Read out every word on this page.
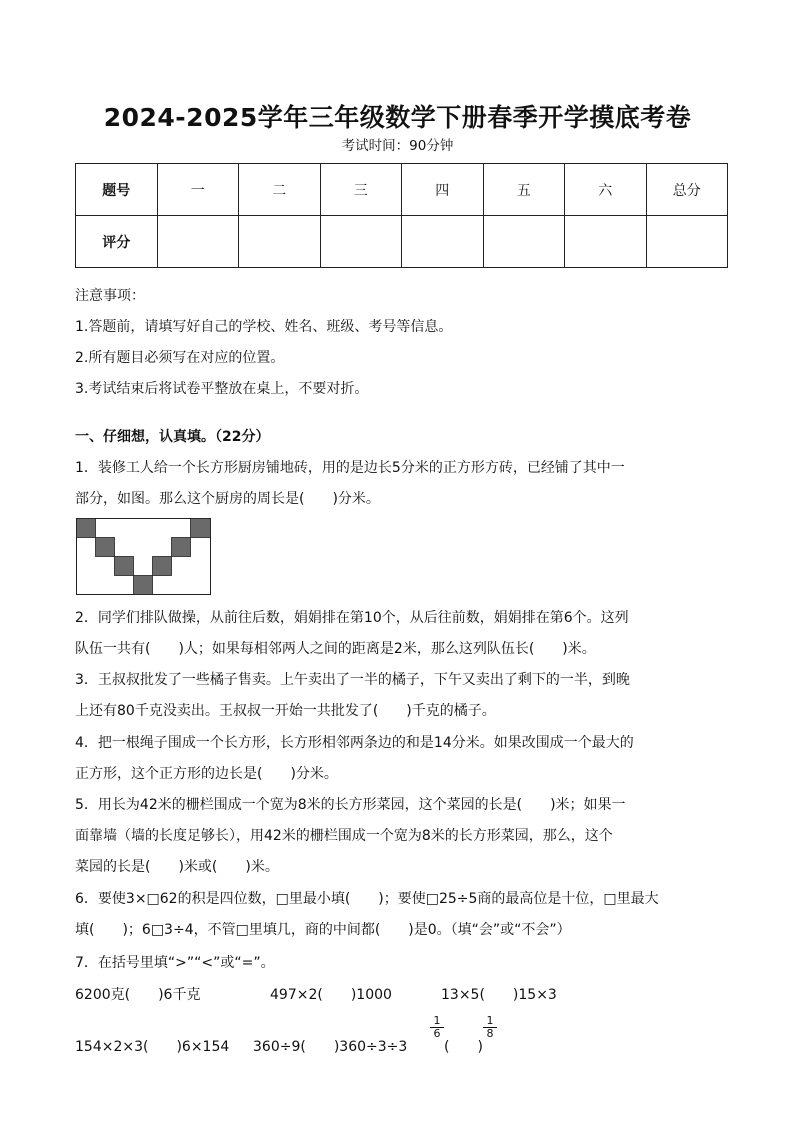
2024-2025学年三年级数学下册春季开学摸底考卷
考试时间：90分钟
题号	一	二	三	四	五	六	总分
评分							
注意事项：
1.答题前，请填写好自己的学校、姓名、班级、考号等信息。
2.所有题目必须写在对应的位置。
3.考试结束后将试卷平整放在桌上，不要对折。
一、仔细想，认真填。（22分）
1．装修工人给一个长方形厨房铺地砖，用的是边长5分米的正方形方砖，已经铺了其中一
部分，如图。那么这个厨房的周长是(　　)分米。
2．同学们排队做操，从前往后数，娟娟排在第10个，从后往前数，娟娟排在第6个。这列
队伍一共有(　　)人；如果每相邻两人之间的距离是2米，那么这列队伍长(　　)米。
3．王叔叔批发了一些橘子售卖。上午卖出了一半的橘子，下午又卖出了剩下的一半，到晚
上还有80千克没卖出。王叔叔一开始一共批发了(　　)千克的橘子。
4．把一根绳子围成一个长方形，长方形相邻两条边的和是14分米。如果改围成一个最大的
正方形，这个正方形的边长是(　　)分米。
5．用长为42米的栅栏围成一个宽为8米的长方形菜园，这个菜园的长是(　　)米；如果一
面靠墙（墙的长度足够长），用42米的栅栏围成一个宽为8米的长方形菜园，那么，这个
菜园的长是(　　)米或(　　)米。
6．要使3×□62的积是四位数，□里最小填(　　)；要使□25÷5商的最高位是十位，□里最大
填(　　)；6□3÷4，不管□里填几，商的中间都(　　)是0。（填“会”或“不会”）
7．在括号里填“>”“<”或“=”。
6200克(　　)6千克	497×2(　　)1000	13×5(　　)15×3
154×2×3(　　)6×154 360÷9(　　)360÷3÷3
$\frac{1}{6}$
(　　)
$\frac{1}{8}$
